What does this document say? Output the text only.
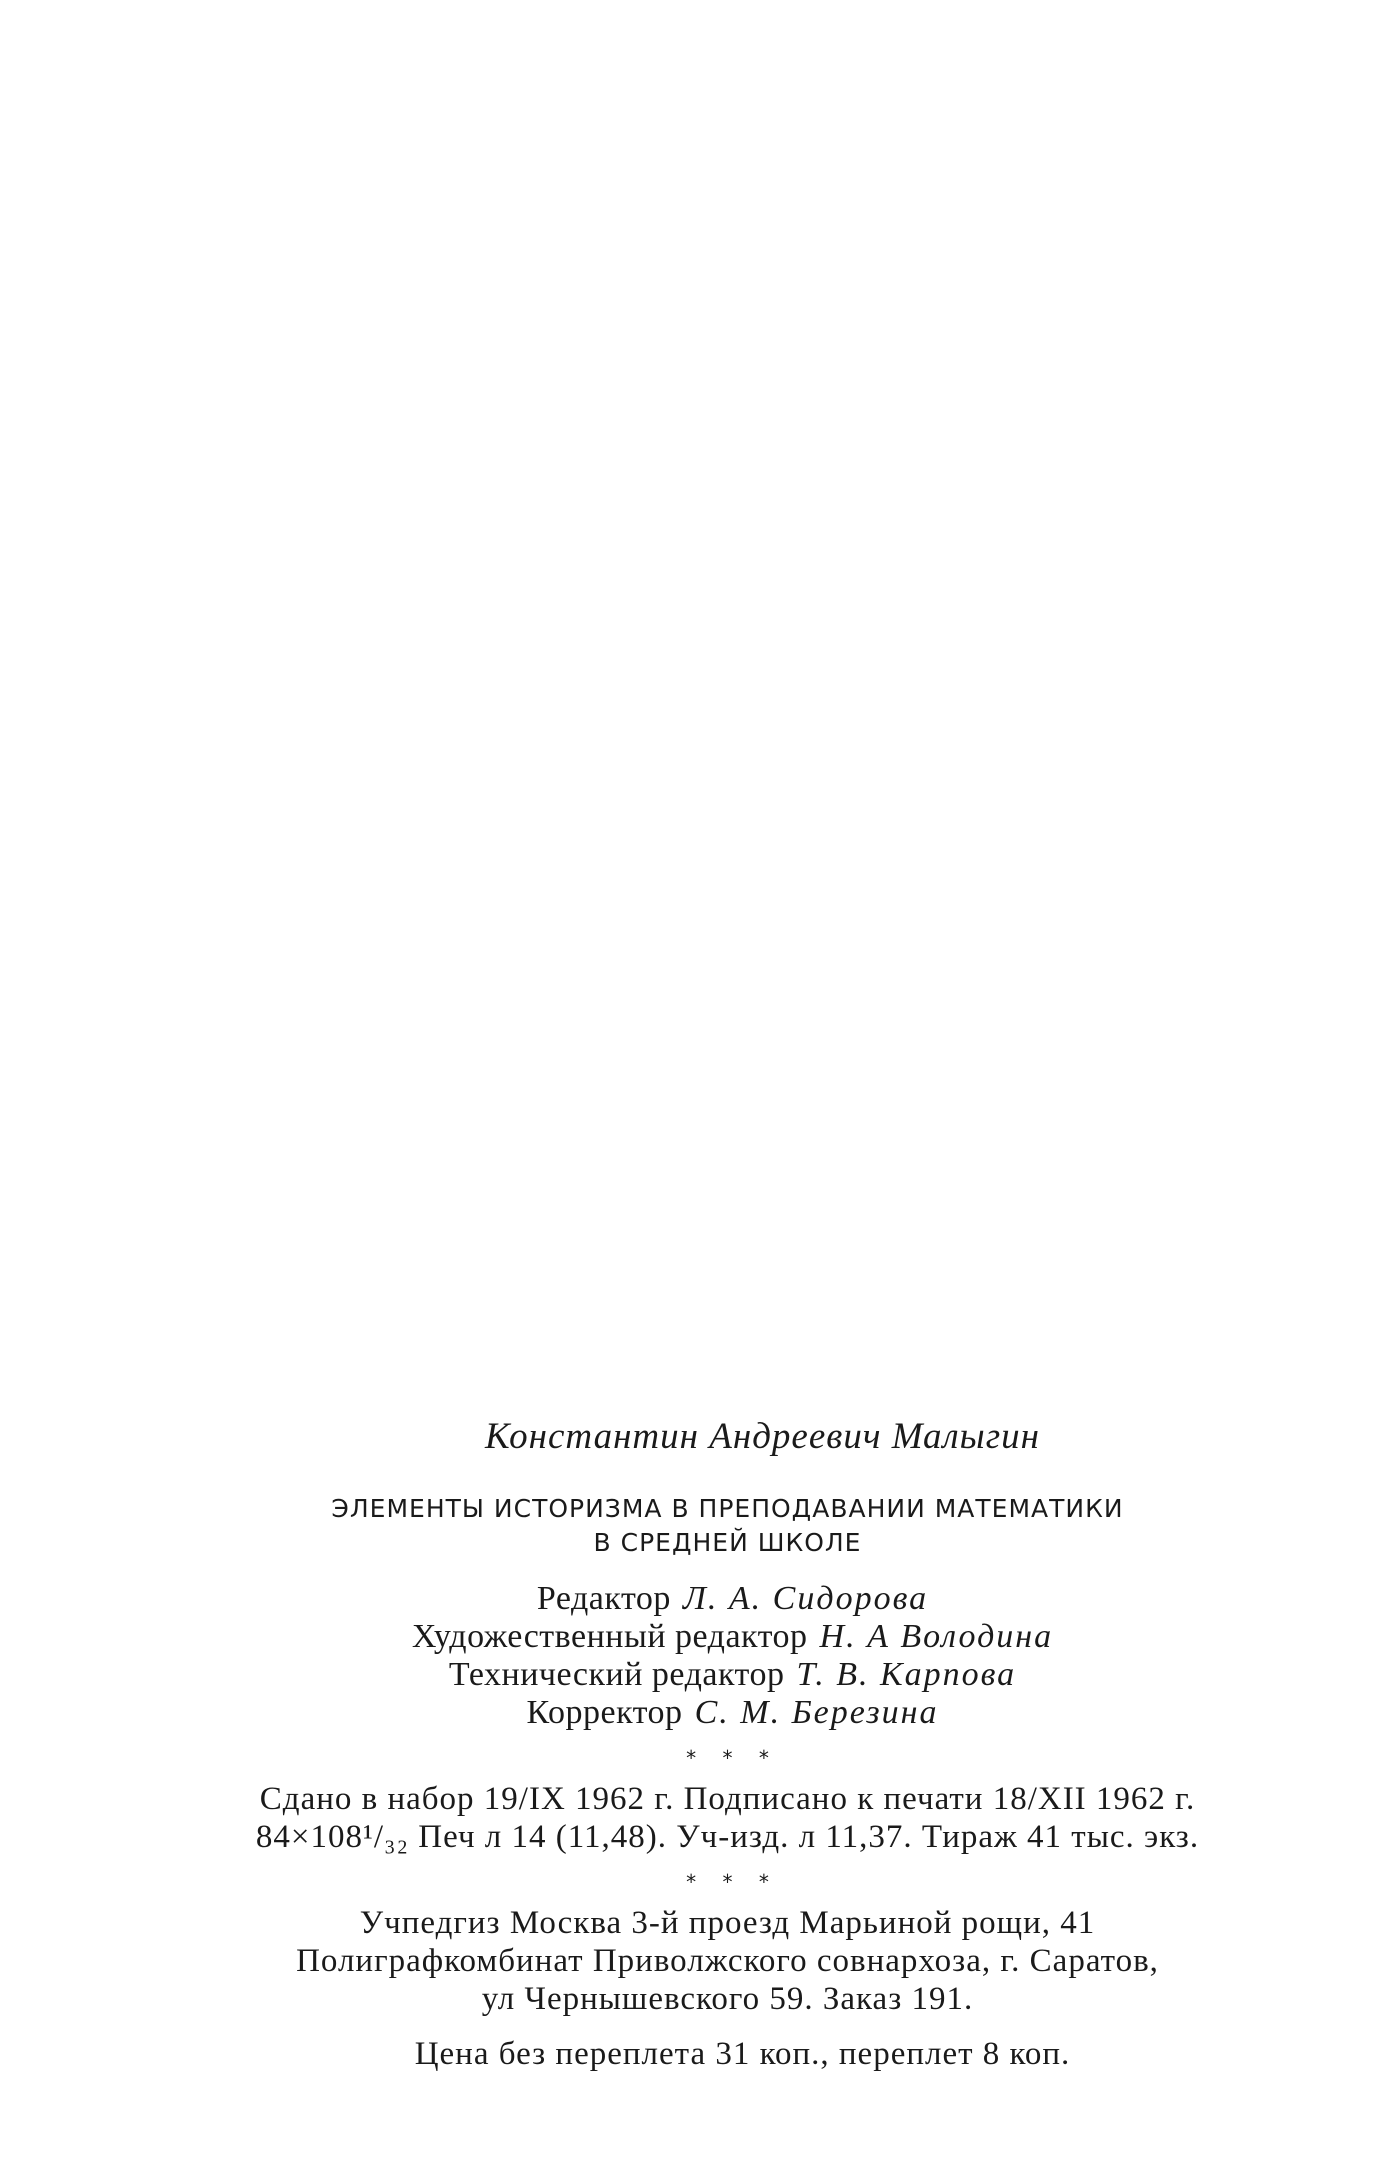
Константин Андреевич Малыгин
ЭЛЕМЕНТЫ ИСТОРИЗМА В ПРЕПОДАВАНИИ МАТЕМАТИКИ
В СРЕДНЕЙ ШКОЛЕ
Редактор Л. А. Сидорова
Художественный редактор Н. А Володина
Технический редактор Т. В. Карпова
Корректор С. М. Березина
* * *
Сдано в набор 19/IX 1962 г. Подписано к печати 18/XII 1962 г.
84×108¹/₃₂ Печ л 14 (11,48). Уч-изд. л 11,37. Тираж 41 тыс. экз.
* * *
Учпедгиз Москва 3-й проезд Марьиной рощи, 41
Полиграфкомбинат Приволжского совнархоза, г. Саратов,
ул Чернышевского 59. Заказ 191.
Цена без переплета 31 коп., переплет 8 коп.
